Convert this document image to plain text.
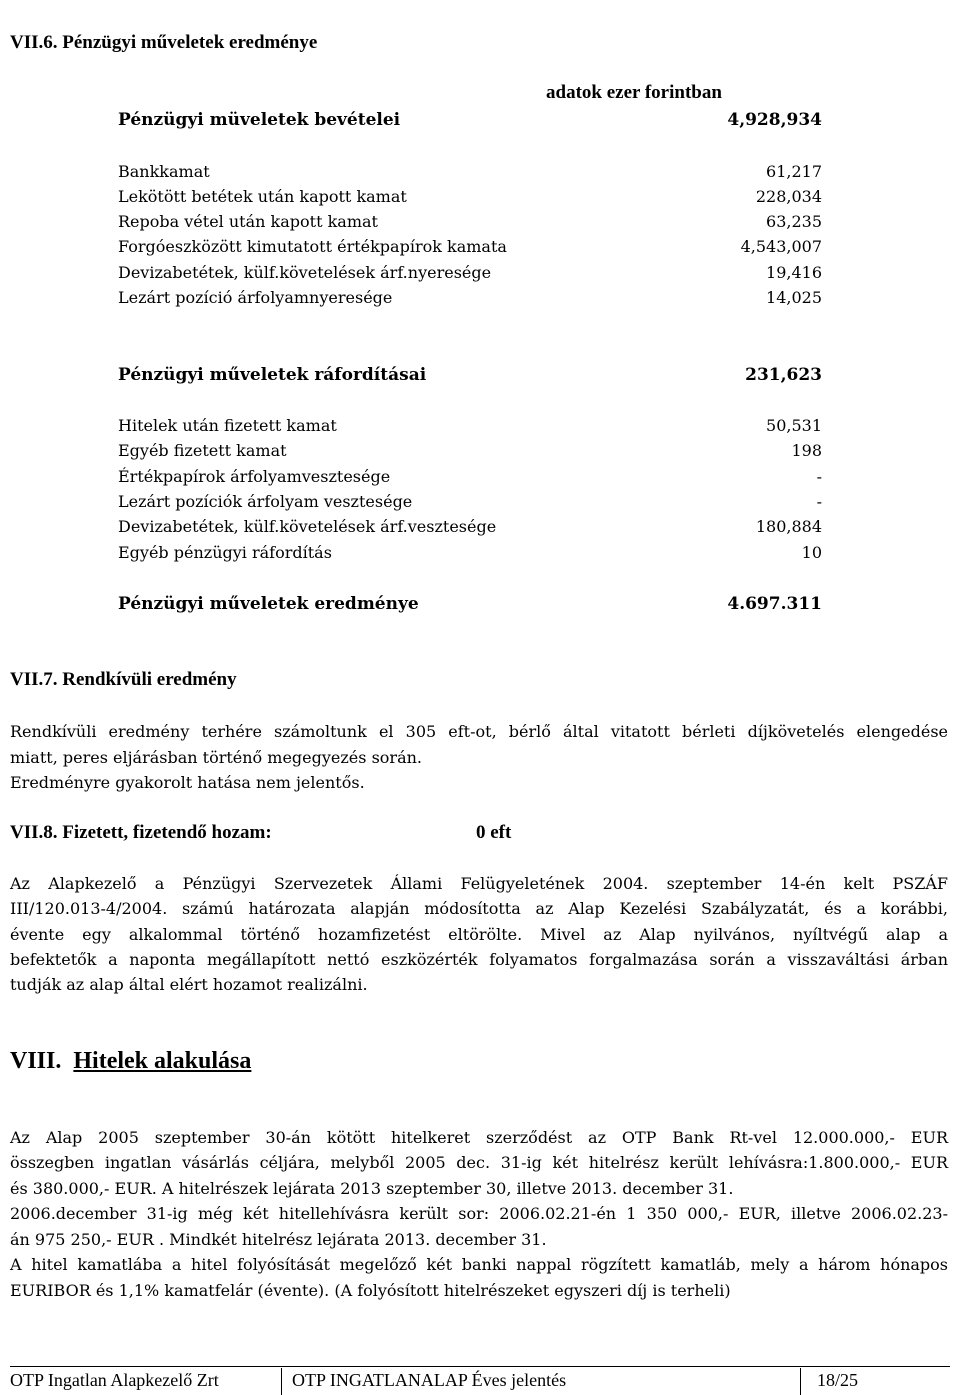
VII.6. Pénzügyi műveletek eredménye
adatok ezer forintban
Pénzügyi müveletek bevételei	4,928,934
Bankkamat	61,217
Lekötött betétek után kapott kamat	228,034
Repoba vétel után kapott kamat	63,235
Forgóeszközött kimutatott értékpapírok kamata	4,543,007
Devizabetétek, külf.követelések árf.nyeresége	19,416
Lezárt pozíció árfolyamnyeresége	14,025
Pénzügyi műveletek ráfordításai	231,623
Hitelek után fizetett kamat	50,531
Egyéb fizetett kamat	198
Értékpapírok árfolyamvesztesége	-
Lezárt pozíciók árfolyam vesztesége	-
Devizabetétek, külf.követelések árf.vesztesége	180,884
Egyéb pénzügyi ráfordítás	10
Pénzügyi műveletek eredménye	4.697.311
VII.7. Rendkívüli eredmény
Rendkívüli eredmény terhére számoltunk el 305 eft-ot, bérlő által vitatott bérleti díjkövetelés elengedése
miatt, peres eljárásban történő megegyezés során.
Eredményre gyakorolt hatása nem jelentős.
VII.8. Fizetett, fizetendő hozam:	0 eft
Az Alapkezelő a Pénzügyi Szervezetek Állami Felügyeletének 2004. szeptember 14-én kelt PSZÁF
III/120.013-4/2004. számú határozata alapján módosította az Alap Kezelési Szabályzatát, és a korábbi,
évente egy alkalommal történő hozamfizetést eltörölte. Mivel az Alap nyilvános, nyíltvégű alap a
befektetők a naponta megállapított nettó eszközérték folyamatos forgalmazása során a visszaváltási árban
tudják az alap által elért hozamot realizálni.
VIII. Hitelek alakulása
Az Alap 2005 szeptember 30-án kötött hitelkeret szerződést az OTP Bank Rt-vel 12.000.000,- EUR
összegben ingatlan vásárlás céljára, melyből 2005 dec. 31-ig két hitelrész került lehívásra:1.800.000,- EUR
és 380.000,- EUR. A hitelrészek lejárata 2013 szeptember 30, illetve 2013. december 31.
2006.december 31-ig még két hitellehívásra került sor: 2006.02.21-én 1 350 000,- EUR, illetve 2006.02.23-
án 975 250,- EUR . Mindkét hitelrész lejárata 2013. december 31.
A hitel kamatlába a hitel folyósítását megelőző két banki nappal rögzített kamatláb, mely a három hónapos
EURIBOR és 1,1% kamatfelár (évente). (A folyósított hitelrészeket egyszeri díj is terheli)
OTP Ingatlan Alapkezelő Zrt	OTP INGATLANALAP Éves jelentés	18/25
